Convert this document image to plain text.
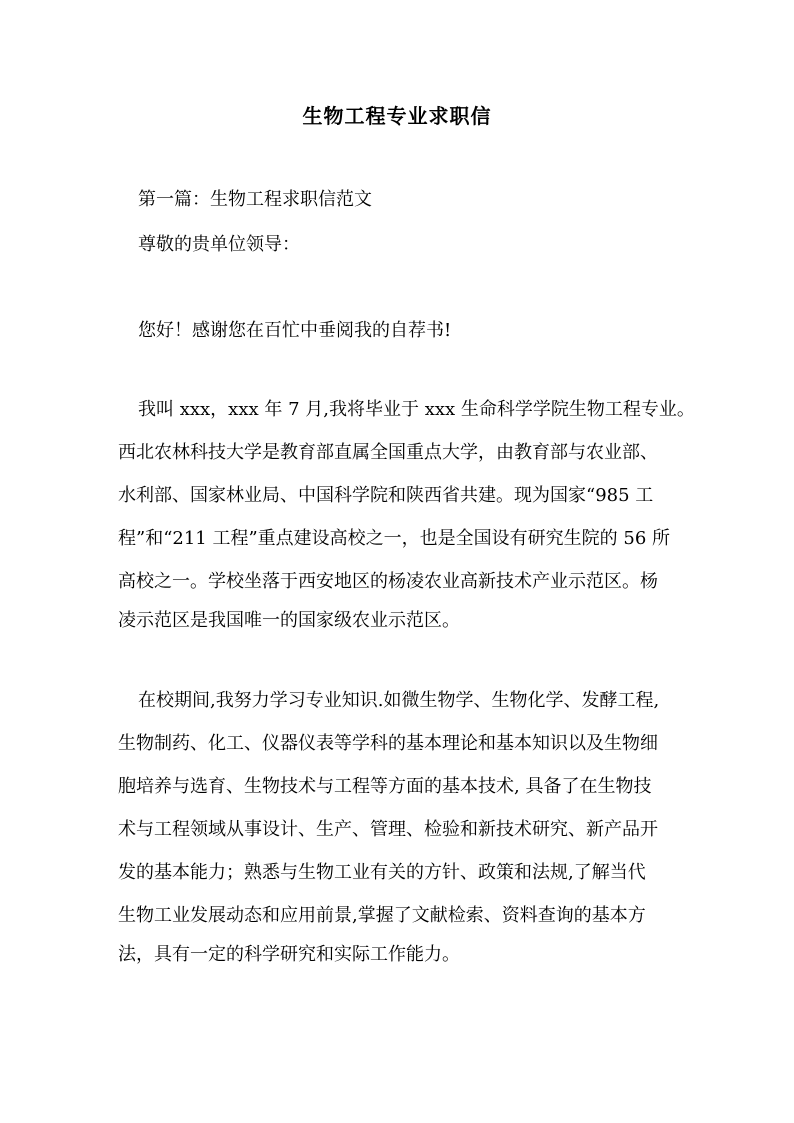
生物工程专业求职信
第一篇：生物工程求职信范文
尊敬的贵单位领导：
您好！感谢您在百忙中垂阅我的自荐书!
我叫 xxx，xxx 年 7 月,我将毕业于 xxx 生命科学学院生物工程专业。
西北农林科技大学是教育部直属全国重点大学，由教育部与农业部、
水利部、国家林业局、中国科学院和陕西省共建。现为国家“985 工
程”和“211 工程”重点建设高校之一，也是全国设有研究生院的 56 所
高校之一。学校坐落于西安地区的杨凌农业高新技术产业示范区。杨
凌示范区是我国唯一的国家级农业示范区。
在校期间,我努力学习专业知识.如微生物学、生物化学、发酵工程,
生物制药、化工、仪器仪表等学科的基本理论和基本知识以及生物细
胞培养与选育、生物技术与工程等方面的基本技术, 具备了在生物技
术与工程领域从事设计、生产、管理、检验和新技术研究、新产品开
发的基本能力；熟悉与生物工业有关的方针、政策和法规,了解当代
生物工业发展动态和应用前景,掌握了文献检索、资料查询的基本方
法，具有一定的科学研究和实际工作能力。
